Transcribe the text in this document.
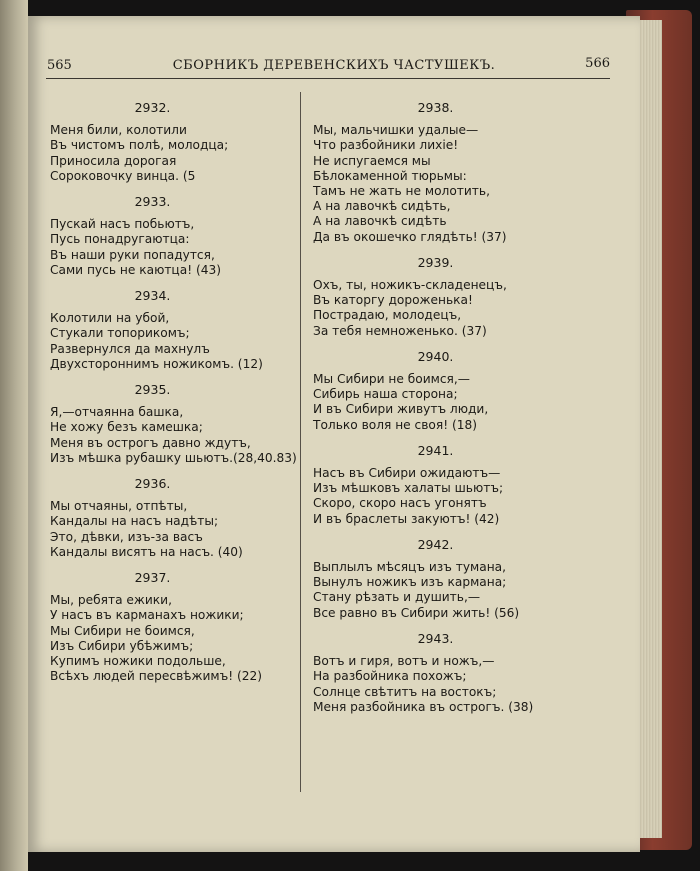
565	СБОРНИКЪ ДЕРЕВЕНСКИХЪ ЧАСТУШЕКЪ.	566
2932.
Меня били, колотили
Въ чистомъ полѣ, молодца;
Приносила дорогая
Сороковочку винца. (5
2933.
Пускай насъ побьютъ,
Пусь понадругаютца:
Въ наши руки попадутся,
Сами пусь не каютца! (43)
2934.
Колотили на убой,
Стукали топорикомъ;
Развернулся да махнулъ
Двухстороннимъ ножикомъ. (12)
2935.
Я,—отчаянна башка,
Не хожу безъ камешка;
Меня въ острогъ давно ждутъ,
Изъ мѣшка рубашку шьютъ.(28,40.83)
2936.
Мы отчаяны, отпѣты,
Кандалы на насъ надѣты;
Это, дѣвки, изъ-за васъ
Кандалы висятъ на насъ. (40)
2937.
Мы, ребята ежики,
У насъ въ карманахъ ножики;
Мы Сибири не боимся,
Изъ Сибири убѣжимъ;
Купимъ ножики подольше,
Всѣхъ людей пересвѣжимъ! (22)
2938.
Мы, мальчишки удалые—
Что разбойники лихіе!
Не испугаемся мы
Бѣлокаменной тюрьмы:
Тамъ не жать не молотить,
А на лавочкѣ сидѣть,
А на лавочкѣ сидѣть
Да въ окошечко глядѣть! (37)
2939.
Охъ, ты, ножикъ-складенецъ,
Въ каторгу дороженька!
Пострадаю, молодецъ,
За тебя немноженько. (37)
2940.
Мы Сибири не боимся,—
Сибирь наша сторона;
И въ Сибири живутъ люди,
Только воля не своя! (18)
2941.
Насъ въ Сибири ожидаютъ—
Изъ мѣшковъ халаты шьютъ;
Скоро, скоро насъ угонятъ
И въ браслеты закуютъ! (42)
2942.
Выплылъ мѣсяцъ изъ тумана,
Вынулъ ножикъ изъ кармана;
Стану рѣзать и душить,—
Все равно въ Сибири жить! (56)
2943.
Вотъ и гиря, вотъ и ножъ,—
На разбойника похожъ;
Солнце свѣтитъ на востокъ;
Меня разбойника въ острогъ. (38)
